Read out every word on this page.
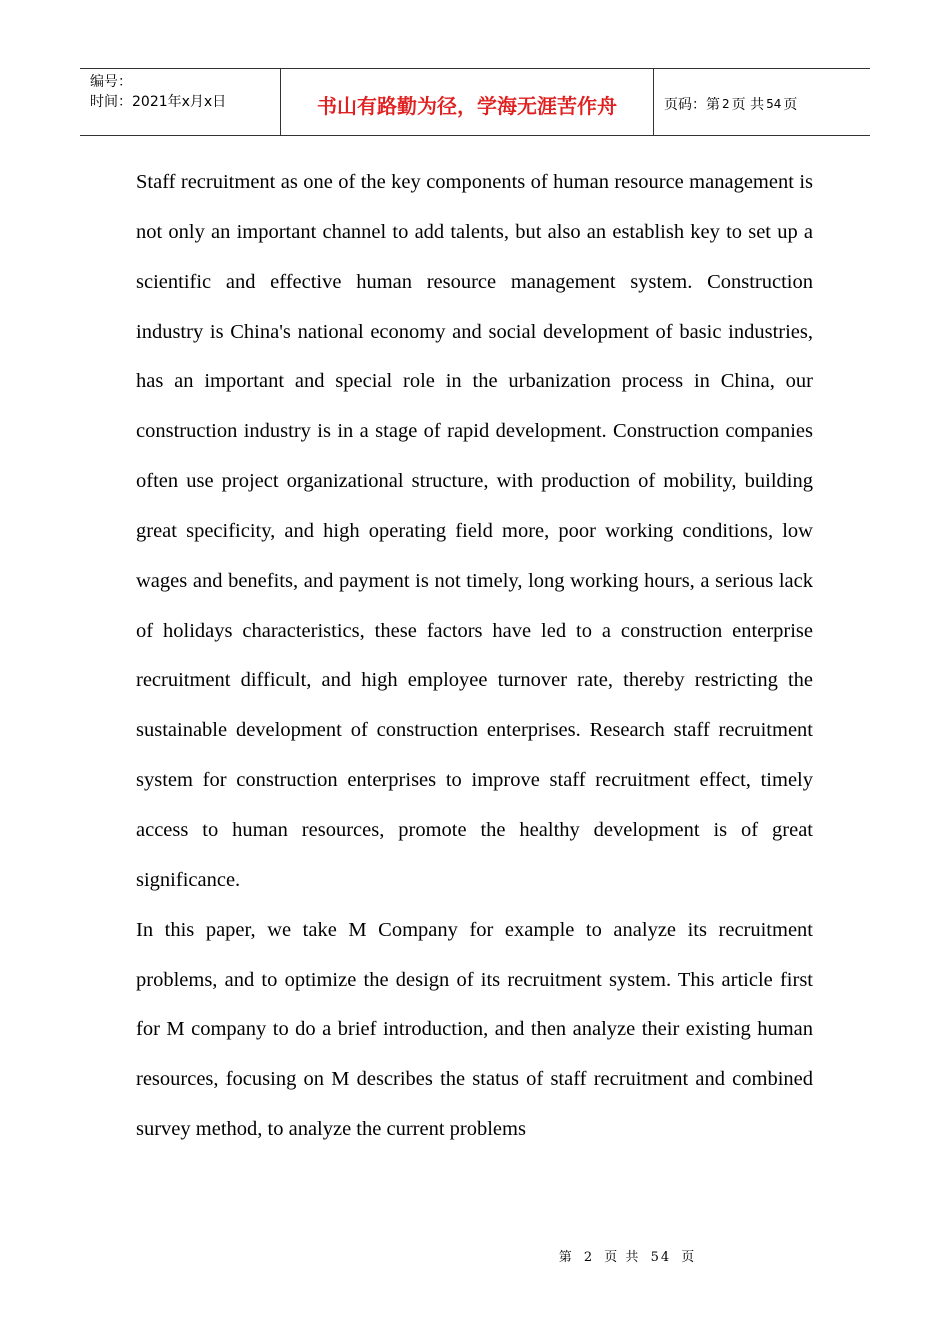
编号：
时间：2021年x月x日	书山有路勤为径，学海无涯苦作舟	页码：第 2 页 共 54 页

Staff recruitment as one of the key components of human resource management is not only an important channel to add talents, but also an establish key to set up a scientific and effective human resource management system. Construction industry is China's national economy and social development of basic industries, has an important and special role in the urbanization process in China, our construction industry is in a stage of rapid development. Construction companies often use project organizational structure, with production of mobility, building great specificity, and high operating field more, poor working conditions, low wages and benefits, and payment is not timely, long working hours, a serious lack of holidays characteristics, these factors have led to a construction enterprise recruitment difficult, and high employee turnover rate, thereby restricting the sustainable development of construction enterprises. Research staff recruitment system for construction enterprises to improve staff recruitment effect, timely access to human resources, promote the healthy development is of great significance.

In this paper, we take M Company for example to analyze its recruitment problems, and to optimize the design of its recruitment system. This article first for M company to do a brief introduction, and then analyze their existing human resources, focusing on M describes the status of staff recruitment and combined survey method, to analyze the current problems

第 2 页 共 54 页
